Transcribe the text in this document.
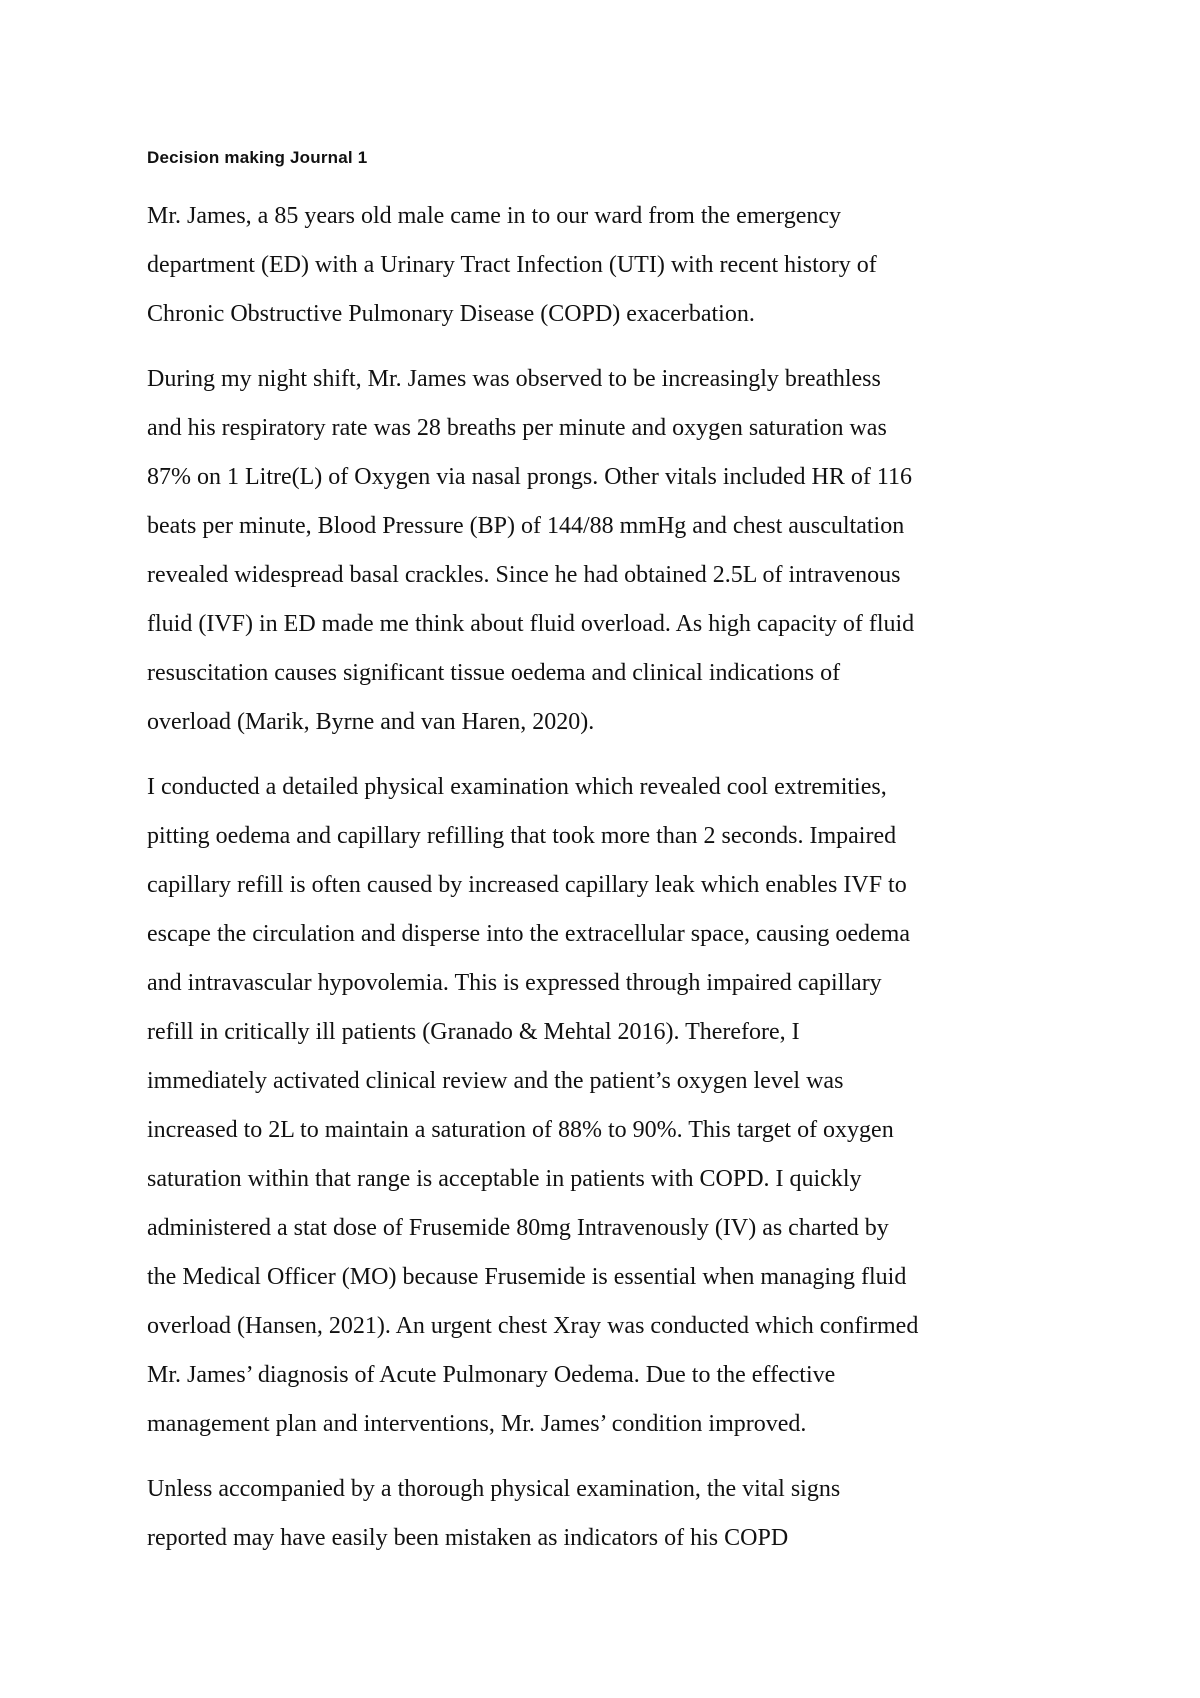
Decision making Journal 1
Mr. James, a 85 years old male came in to our ward from the emergency
department (ED) with a Urinary Tract Infection (UTI) with recent history of
Chronic Obstructive Pulmonary Disease (COPD) exacerbation.
During my night shift, Mr. James was observed to be increasingly breathless
and his respiratory rate was 28 breaths per minute and oxygen saturation was
87% on 1 Litre(L) of Oxygen via nasal prongs. Other vitals included HR of 116
beats per minute, Blood Pressure (BP) of 144/88 mmHg and chest auscultation
revealed widespread basal crackles. Since he had obtained 2.5L of intravenous
fluid (IVF) in ED made me think about fluid overload. As high capacity of fluid
resuscitation causes significant tissue oedema and clinical indications of
overload (Marik, Byrne and van Haren, 2020).
I conducted a detailed physical examination which revealed cool extremities,
pitting oedema and capillary refilling that took more than 2 seconds. Impaired
capillary refill is often caused by increased capillary leak which enables IVF to
escape the circulation and disperse into the extracellular space, causing oedema
and intravascular hypovolemia. This is expressed through impaired capillary
refill in critically ill patients (Granado & Mehtal 2016). Therefore, I
immediately activated clinical review and the patient’s oxygen level was
increased to 2L to maintain a saturation of 88% to 90%. This target of oxygen
saturation within that range is acceptable in patients with COPD. I quickly
administered a stat dose of Frusemide 80mg Intravenously (IV) as charted by
the Medical Officer (MO) because Frusemide is essential when managing fluid
overload (Hansen, 2021). An urgent chest Xray was conducted which confirmed
Mr. James’ diagnosis of Acute Pulmonary Oedema. Due to the effective
management plan and interventions, Mr. James’ condition improved.
Unless accompanied by a thorough physical examination, the vital signs
reported may have easily been mistaken as indicators of his COPD
